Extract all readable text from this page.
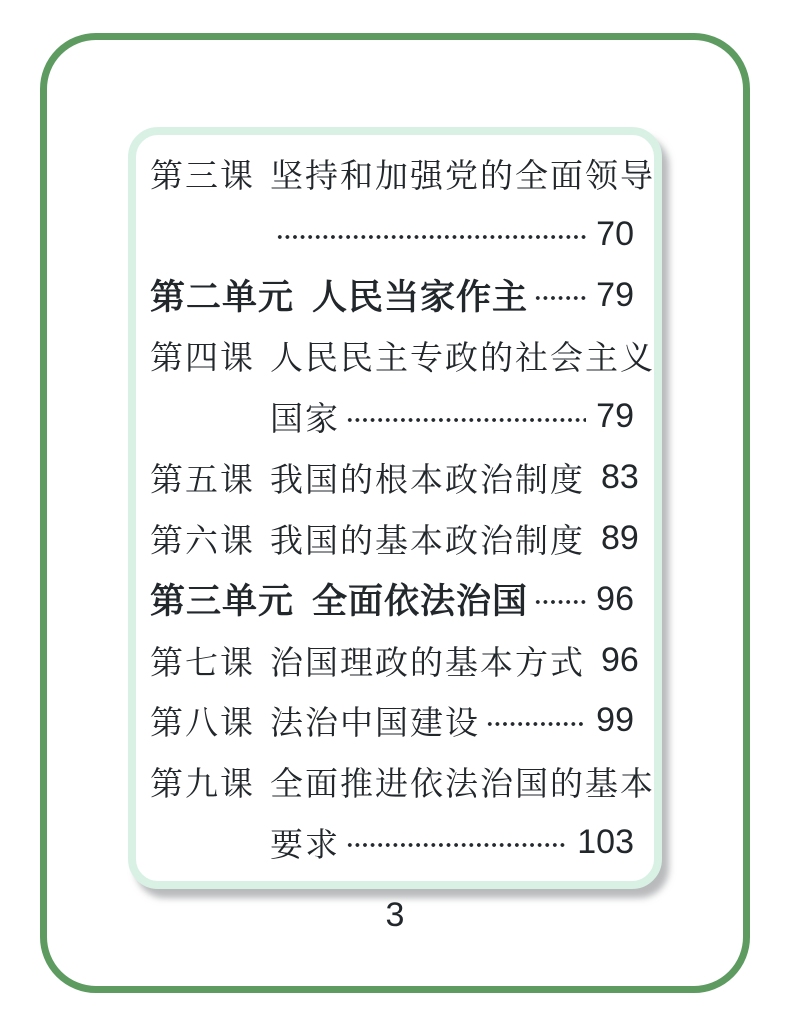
第三课 坚持和加强党的全面领导
70
第二单元 人民当家作主 79
第四课 人民民主专政的社会主义
国家	79
第五课 我国的根本政治制度 83
第六课 我国的基本政治制度 89
第三单元 全面依法治国 96
第七课 治国理政的基本方式 96
第八课 法治中国建设	99
第九课 全面推进依法治国的基本
要求	103
3
